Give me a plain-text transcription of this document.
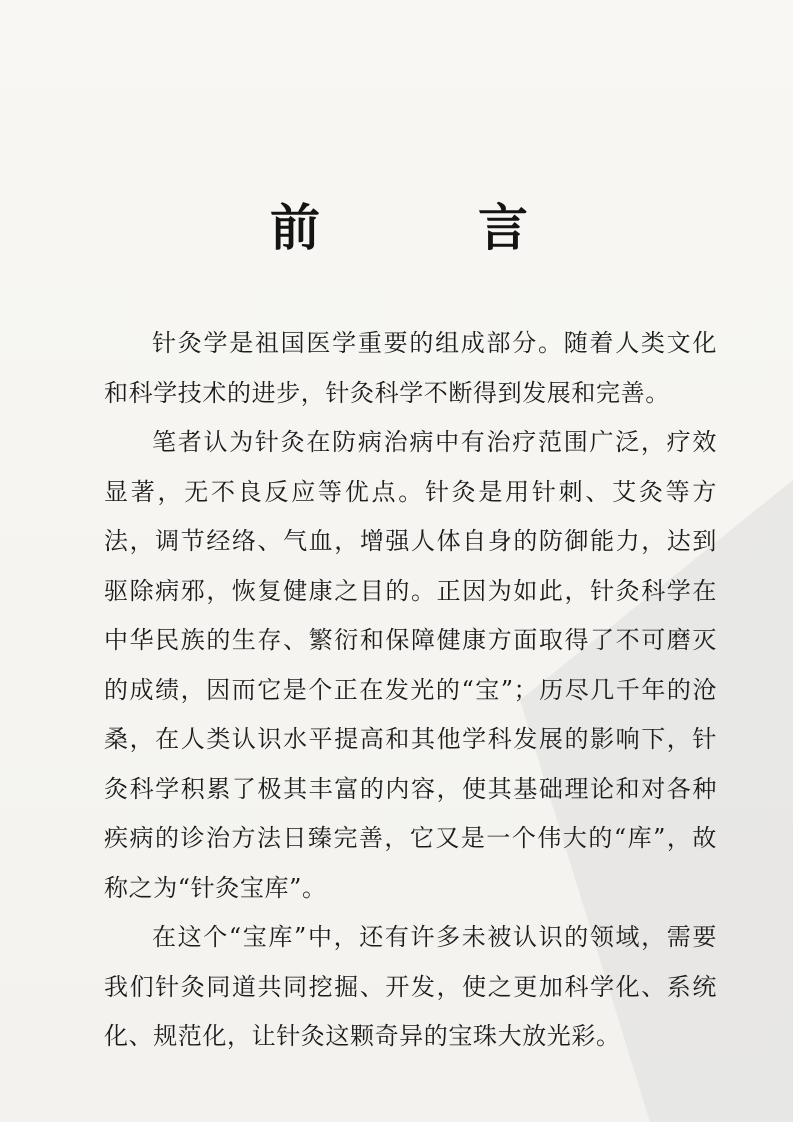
前	言

针灸学是祖国医学重要的组成部分。随着人类文化和科学技术的进步，针灸科学不断得到发展和完善。

笔者认为针灸在防病治病中有治疗范围广泛，疗效显著，无不良反应等优点。针灸是用针刺、艾灸等方法，调节经络、气血，增强人体自身的防御能力，达到驱除病邪，恢复健康之目的。正因为如此，针灸科学在中华民族的生存、繁衍和保障健康方面取得了不可磨灭的成绩，因而它是个正在发光的“宝”；历尽几千年的沧桑，在人类认识水平提高和其他学科发展的影响下，针灸科学积累了极其丰富的内容，使其基础理论和对各种疾病的诊治方法日臻完善，它又是一个伟大的“库”，故称之为“针灸宝库”。

在这个“宝库”中，还有许多未被认识的领域，需要我们针灸同道共同挖掘、开发，使之更加科学化、系统化、规范化，让针灸这颗奇异的宝珠大放光彩。
